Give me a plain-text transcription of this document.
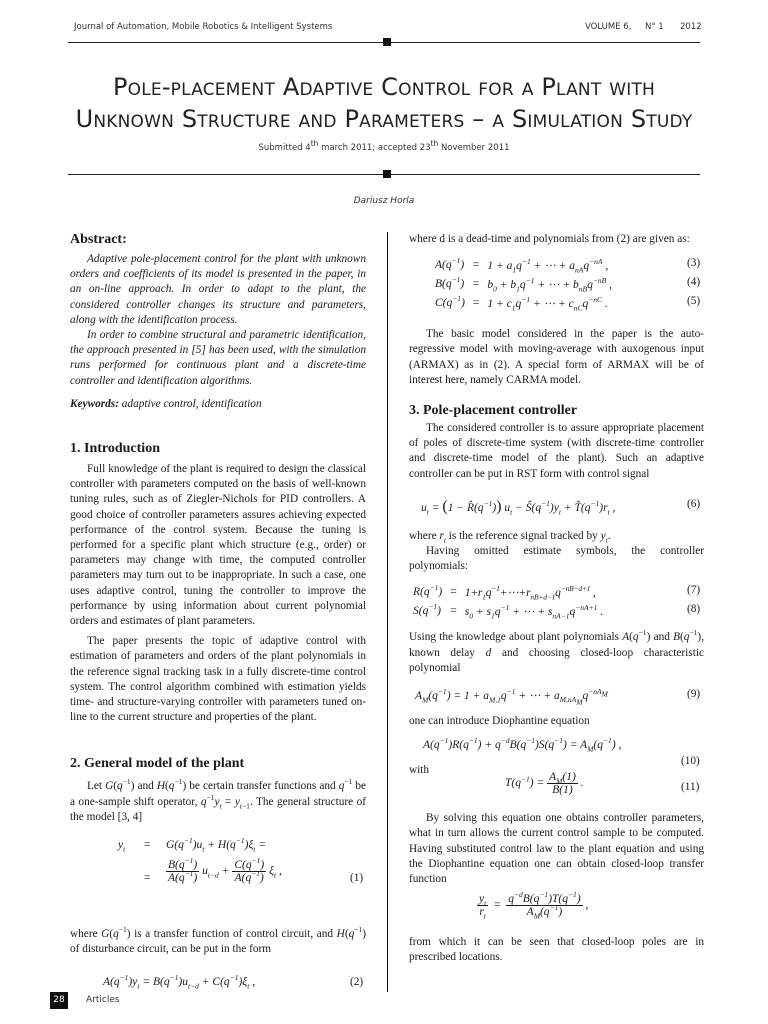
Journal of Automation, Mobile Robotics & Intelligent Systems	VOLUME 6, N° 1 2012
Pole-placement Adaptive Control for a Plant with
Unknown Structure and Parameters – a Simulation Study
Submitted 4th march 2011; accepted 23th November 2011
Dariusz Horla
Abstract:

Adaptive pole-placement control for the plant with unknown orders and coefficients of its model is presented in the paper, in an on-line approach. In order to adapt to the plant, the considered controller changes its structure and parameters, along with the identification process.

In order to combine structural and parametric identification, the approach presented in [5] has been used, with the simulation runs performed for continuous plant and a discrete-time controller and identification algorithms.

Keywords: adaptive control, identification

1. Introduction

Full knowledge of the plant is required to design the classical controller with parameters computed on the basis of well-known tuning rules, such as of Ziegler-Nichols for PID controllers. A good choice of controller parameters assures achieving expected performance of the control system. Because the tuning is performed for a specific plant which structure (e.g., order) or parameters may change with time, the computed controller parameters may turn out to be inappropriate. In such a case, one uses adaptive control, tuning the controller to improve the performance by using information about current polynomial orders and estimates of plant parameters.

The paper presents the topic of adaptive control with estimation of parameters and orders of the plant polynomials in the reference signal tracking task in a fully discrete-time control system. The control algorithm combined with estimation yields time- and structure-varying controller with parameters tuned on-line to the current structure and properties of the plant.

2. General model of the plant

Let $G(q^{-1})$ and $H(q^{-1})$ be certain transfer functions and $q^{-1}$ be a one-sample shift operator, $q^{-1}y_t = y_{t-1}$. The general structure of the model [3, 4]

$y_t = G(q^{-1})u_t + H(q^{-1})\xi_t$ =
= $\frac{B(q^{-1})}{A(q^{-1})} u_{t-d} + \frac{C(q^{-1})}{A(q^{-1})} \xi_t$ ,
(1)

where $G(q^{-1})$ is a transfer function of control circuit, and $H(q^{-1})$ of disturbance circuit, can be put in the form

$A(q^{-1})y_t = B(q^{-1})u_{t-d} + C(q^{-1})\xi_t$ ,	(2)

where d is a dead-time and polynomials from (2) are given as:

$A(q^{-1})$	=	$1 + a_1q^{-1}$ + ⋯ + $a_{nA}q^{-nA}$ ,
$B(q^{-1})$	=	$b_0 + b_1q^{-1}$ + ⋯ + $b_{nB}q^{-nB}$ ,
$C(q^{-1})$	=	$1 + c_1q^{-1}$ + ⋯ + $c_{nC}q^{-nC}$ .
(3)
(4)
(5)

The basic model considered in the paper is the auto-regressive model with moving-average with auxogenous input (ARMAX) as in (2). A special form of ARMAX will be of interest here, namely CARMA model.

3. Pole-placement controller

The considered controller is to assure appropriate placement of poles of discrete-time system (with discrete-time controller and discrete-time model of the plant). Such an adaptive controller can be put in RST form with control signal

$u_t = (1$ − $R̂(q^{-1})$) $u_t$ − $Ŝ(q^{-1})y_t$ + $T̂(q^{-1})r_t$ ,	(6)

where $r_t$ is the reference signal tracked by $y_t$.

Having omitted estimate symbols, the controller polynomials:

$R(q^{-1})$	=	$1+r_1q^{-1}+\cdots+r_{nB+d-1}q^{-nB-d+1}$ ,
$S(q^{-1})$	=	$s_0 + s_1q^{-1}$ + ⋯ + $s_{nA-1}q^{-nA+1}$ .
(7)
(8)

Using the knowledge about plant polynomials $A(q^{-1})$ and $B(q^{-1})$, known delay d and choosing closed-loop characteristic polynomial

$A_M(q^{-1}) = 1 + a_{M,1}q^{-1}$ + ⋯ + $a_{M,nA_M}q^{-nA_M}$	(9)

one can introduce Diophantine equation

$A(q^{-1})R(q^{-1}) + q^{-d}B(q^{-1})S(q^{-1}) = A_M(q^{-1})$ ,
(10)
with
$T(q^{-1}) = \frac{A_M(1)}{B(1)}$ .	(11)

By solving this equation one obtains controller parameters, what in turn allows the current control sample to be computed. Having substituted control law to the plant equation and using the Diophantine equation one can obtain closed-loop transfer function

$\frac{y_t}{r_t} = \frac{q^{-d}B(q^{-1})T(q^{-1})}{A_M(q^{-1})}$ ,

from which it can be seen that closed-loop poles are in prescribed locations.

28	Articles
